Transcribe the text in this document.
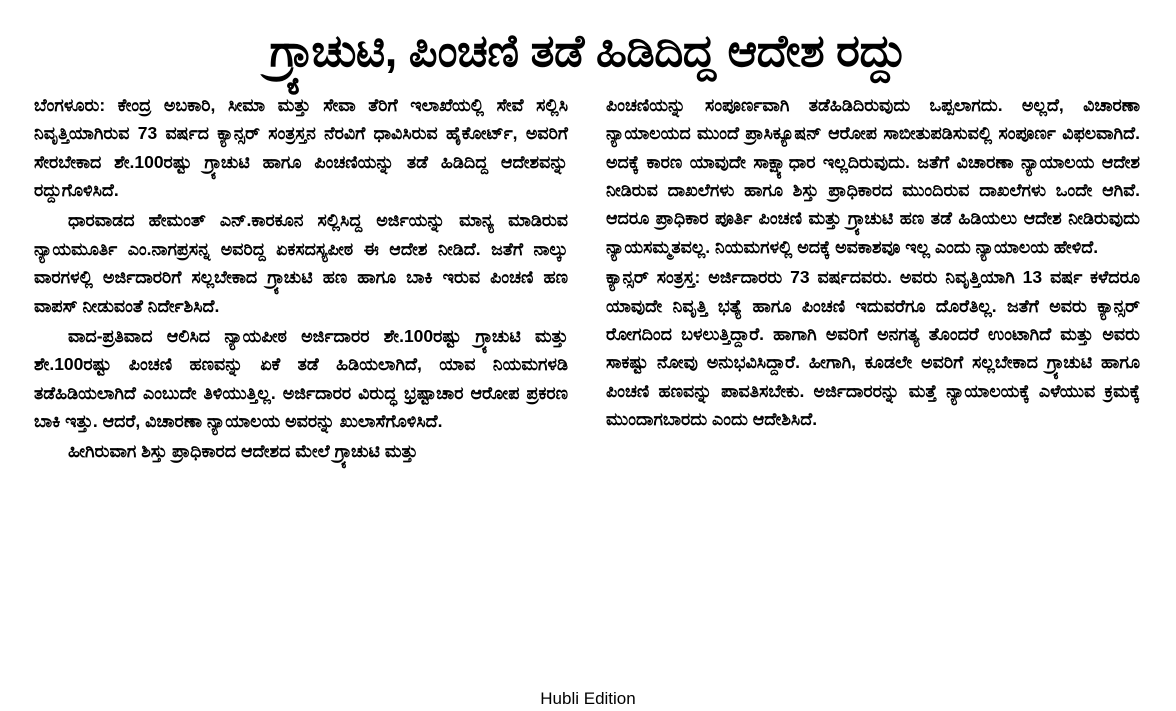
ಗ್ರ್ಯಾಚುಟಿ, ಪಿಂಚಣಿ ತಡೆ ಹಿಡಿದಿದ್ದ ಆದೇಶ ರದ್ದು

ಬೆಂಗಳೂರು: ಕೇಂದ್ರ ಅಬಕಾರಿ, ಸೀಮಾ ಮತ್ತು ಸೇವಾ ತೆರಿಗೆ ಇಲಾಖೆಯಲ್ಲಿ ಸೇವೆ ಸಲ್ಲಿಸಿ ನಿವೃತ್ತಿಯಾಗಿರುವ 73 ವರ್ಷದ ಕ್ಯಾನ್ಸರ್ ಸಂತ್ರಸ್ತನ ನೆರವಿಗೆ ಧಾವಿಸಿರುವ ಹೈಕೋರ್ಟ್, ಅವರಿಗೆ ಸೇರಬೇಕಾದ ಶೇ.100ರಷ್ಟು ಗ್ರ್ಯಾಚುಟಿ ಹಾಗೂ ಪಿಂಚಣಿಯನ್ನು ತಡೆ ಹಿಡಿದಿದ್ದ ಆದೇಶವನ್ನು ರದ್ದುಗೊಳಿಸಿದೆ.

ಧಾರವಾಡದ ಹೇಮಂತ್ ಎನ್.ಕಾರಕೂನ ಸಲ್ಲಿಸಿದ್ದ ಅರ್ಜಿಯನ್ನು ಮಾನ್ಯ ಮಾಡಿರುವ ನ್ಯಾಯಮೂರ್ತಿ ಎಂ.ನಾಗಪ್ರಸನ್ನ ಅವರಿದ್ದ ಏಕಸದಸ್ಯಪೀಠ ಈ ಆದೇಶ ನೀಡಿದೆ. ಜತೆಗೆ ನಾಲ್ಕು ವಾರಗಳಲ್ಲಿ ಅರ್ಜಿದಾರರಿಗೆ ಸಲ್ಲಬೇಕಾದ ಗ್ರ್ಯಾಚುಟಿ ಹಣ ಹಾಗೂ ಬಾಕಿ ಇರುವ ಪಿಂಚಣಿ ಹಣ ವಾಪಸ್ ನೀಡುವಂತೆ ನಿರ್ದೇಶಿಸಿದೆ.

ವಾದ-ಪ್ರತಿವಾದ ಆಲಿಸಿದ ನ್ಯಾಯಪೀಠ ಅರ್ಜಿದಾರರ ಶೇ.100ರಷ್ಟು ಗ್ರ್ಯಾಚುಟಿ ಮತ್ತು ಶೇ.100ರಷ್ಟು ಪಿಂಚಣಿ ಹಣವನ್ನು ಏಕೆ ತಡೆ ಹಿಡಿಯಲಾಗಿದೆ, ಯಾವ ನಿಯಮಗಳಡಿ ತಡೆಹಿಡಿಯಲಾಗಿದೆ ಎಂಬುದೇ ತಿಳಿಯುತ್ತಿಲ್ಲ. ಅರ್ಜಿದಾರರ ವಿರುದ್ಧ ಭ್ರಷ್ಟಾಚಾರ ಆರೋಪ ಪ್ರಕರಣ ಬಾಕಿ ಇತ್ತು. ಆದರೆ, ವಿಚಾರಣಾ ನ್ಯಾಯಾಲಯ ಅವರನ್ನು ಖುಲಾಸೆಗೊಳಿಸಿದೆ.

ಹೀಗಿರುವಾಗ ಶಿಸ್ತು ಪ್ರಾಧಿಕಾರದ ಆದೇಶದ ಮೇಲೆ ಗ್ರ್ಯಾಚುಟಿ ಮತ್ತು

ಪಿಂಚಣಿಯನ್ನು ಸಂಪೂರ್ಣವಾಗಿ ತಡೆಹಿಡಿದಿರುವುದು ಒಪ್ಪಲಾಗದು. ಅಲ್ಲದೆ, ವಿಚಾರಣಾ ನ್ಯಾಯಾಲಯದ ಮುಂದೆ ಪ್ರಾಸಿಕ್ಯೂಷನ್ ಆರೋಪ ಸಾಬೀತುಪಡಿಸುವಲ್ಲಿ ಸಂಪೂರ್ಣ ವಿಫಲವಾಗಿದೆ. ಅದಕ್ಕೆ ಕಾರಣ ಯಾವುದೇ ಸಾಕ್ಷ್ಯಾಧಾರ ಇಲ್ಲದಿರುವುದು. ಜತೆಗೆ ವಿಚಾರಣಾ ನ್ಯಾಯಾಲಯ ಆದೇಶ ನೀಡಿರುವ ದಾಖಲೆಗಳು ಹಾಗೂ ಶಿಸ್ತು ಪ್ರಾಧಿಕಾರದ ಮುಂದಿರುವ ದಾಖಲೆಗಳು ಒಂದೇ ಆಗಿವೆ. ಆದರೂ ಪ್ರಾಧಿಕಾರ ಪೂರ್ತಿ ಪಿಂಚಣಿ ಮತ್ತು ಗ್ರ್ಯಾಚುಟಿ ಹಣ ತಡೆ ಹಿಡಿಯಲು ಆದೇಶ ನೀಡಿರುವುದು ನ್ಯಾಯಸಮ್ಮತವಲ್ಲ. ನಿಯಮಗಳಲ್ಲಿ ಅದಕ್ಕೆ ಅವಕಾಶವೂ ಇಲ್ಲ ಎಂದು ನ್ಯಾಯಾಲಯ ಹೇಳಿದೆ.

ಕ್ಯಾನ್ಸರ್ ಸಂತ್ರಸ್ತ: ಅರ್ಜಿದಾರರು 73 ವರ್ಷದವರು. ಅವರು ನಿವೃತ್ತಿಯಾಗಿ 13 ವರ್ಷ ಕಳೆದರೂ ಯಾವುದೇ ನಿವೃತ್ತಿ ಭತ್ಯೆ ಹಾಗೂ ಪಿಂಚಣಿ ಇದುವರೆಗೂ ದೊರೆತಿಲ್ಲ. ಜತೆಗೆ ಅವರು ಕ್ಯಾನ್ಸರ್ ರೋಗದಿಂದ ಬಳಲುತ್ತಿದ್ದಾರೆ. ಹಾಗಾಗಿ ಅವರಿಗೆ ಅನಗತ್ಯ ತೊಂದರೆ ಉಂಟಾಗಿದೆ ಮತ್ತು ಅವರು ಸಾಕಷ್ಟು ನೋವು ಅನುಭವಿಸಿದ್ದಾರೆ. ಹೀಗಾಗಿ, ಕೂಡಲೇ ಅವರಿಗೆ ಸಲ್ಲಬೇಕಾದ ಗ್ರ್ಯಾಚುಟಿ ಹಾಗೂ ಪಿಂಚಣಿ ಹಣವನ್ನು ಪಾವತಿಸಬೇಕು. ಅರ್ಜಿದಾರರನ್ನು ಮತ್ತೆ ನ್ಯಾಯಾಲಯಕ್ಕೆ ಎಳೆಯುವ ಕ್ರಮಕ್ಕೆ ಮುಂದಾಗಬಾರದು ಎಂದು ಆದೇಶಿಸಿದೆ.

Hubli Edition
